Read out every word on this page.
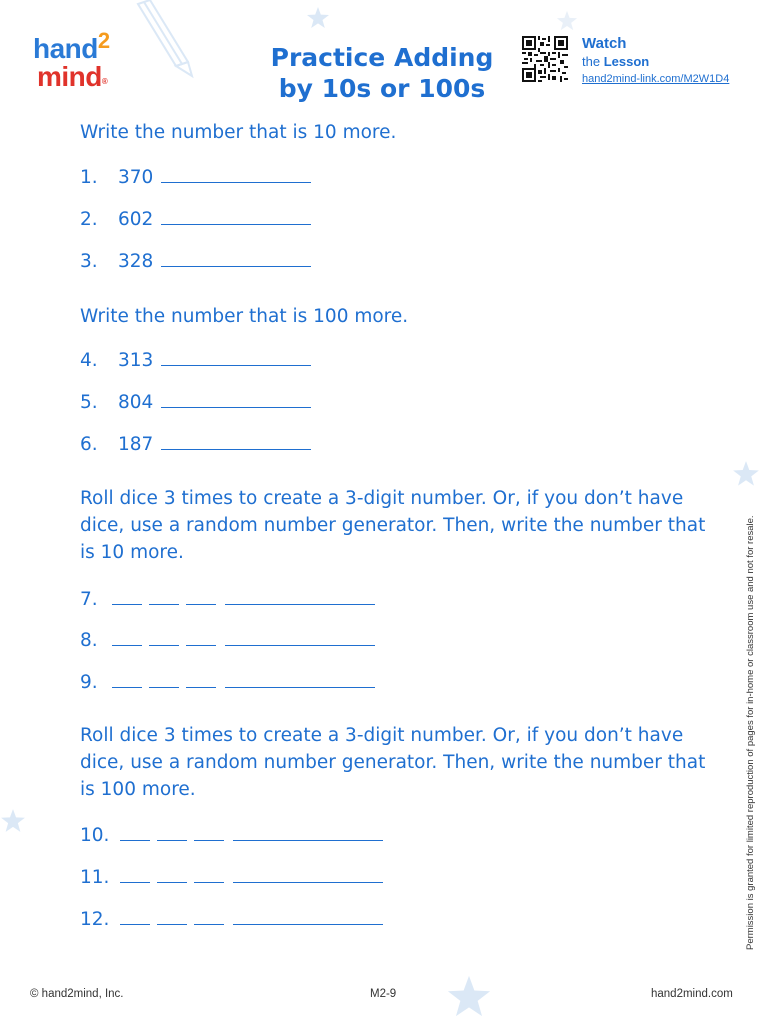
hand$^2$
mind®
Practice Adding
by 10s or 100s
Watch
the Lesson
hand2mind-link.com/M2W1D4
Write the number that is 10 more.
1. 370
2. 602
3. 328
Write the number that is 100 more.
4. 313
5. 804
6. 187
Roll dice 3 times to create a 3-digit number. Or, if you don’t have dice, use a random number generator. Then, write the number that is 10 more.
7.
8.
9.
Roll dice 3 times to create a 3-digit number. Or, if you don’t have dice, use a random number generator. Then, write the number that is 100 more.
10.
11.
12.	Permission is granted for limited reproduction of pages for in-home or classroom use and not for resale.
© hand2mind, Inc.	M2-9	hand2mind.com
